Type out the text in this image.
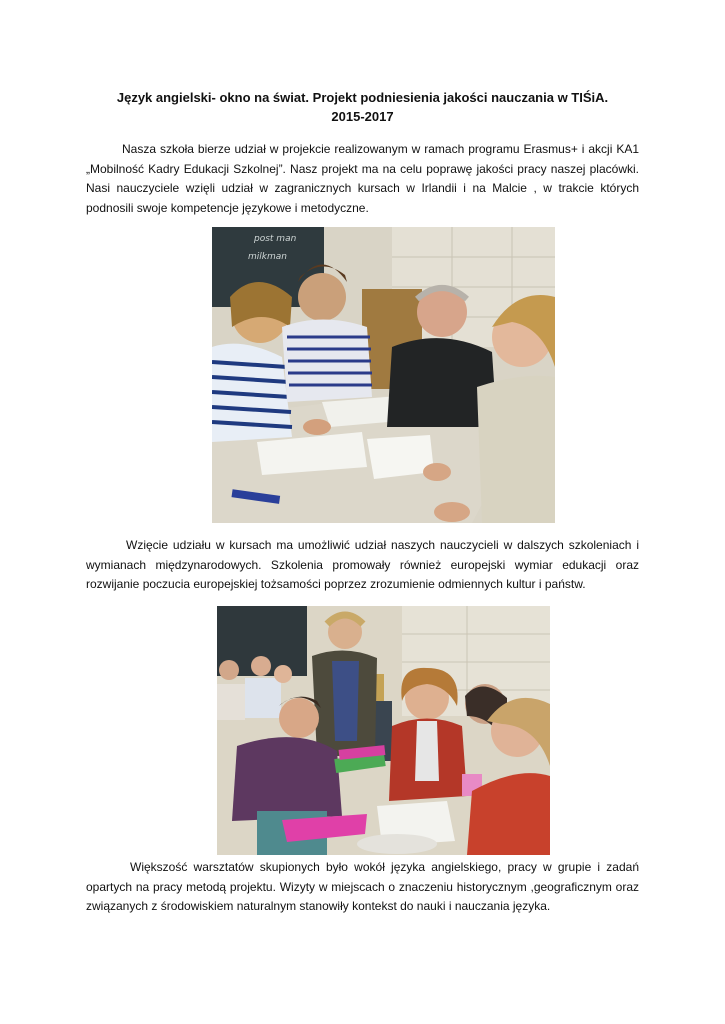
Język angielski- okno na świat. Projekt podniesienia jakości nauczania w TIŚiA.
2015-2017

Nasza szkoła bierze udział w projekcie realizowanym w ramach programu Erasmus+ i akcji KA1 „Mobilność Kadry Edukacji Szkolnej”. Nasz projekt ma na celu poprawę jakości pracy naszej placówki. Nasi nauczyciele wzięli udział w zagranicznych kursach w Irlandii i na Malcie , w trakcie których podnosili swoje kompetencje językowe i metodyczne.

post man
milkman

Wzięcie udziału w kursach ma umożliwić udział naszych nauczycieli w dalszych szkoleniach i wymianach międzynarodowych. Szkolenia promowały również europejski wymiar edukacji oraz rozwijanie poczucia europejskiej tożsamości poprzez zrozumienie odmiennych kultur i państw.

Większość warsztatów skupionych było wokół języka angielskiego, pracy w grupie i zadań opartych na pracy metodą projektu. Wizyty w miejscach o znaczeniu historycznym ,geograficznym oraz związanych z środowiskiem naturalnym stanowiły kontekst do nauki i nauczania języka.
